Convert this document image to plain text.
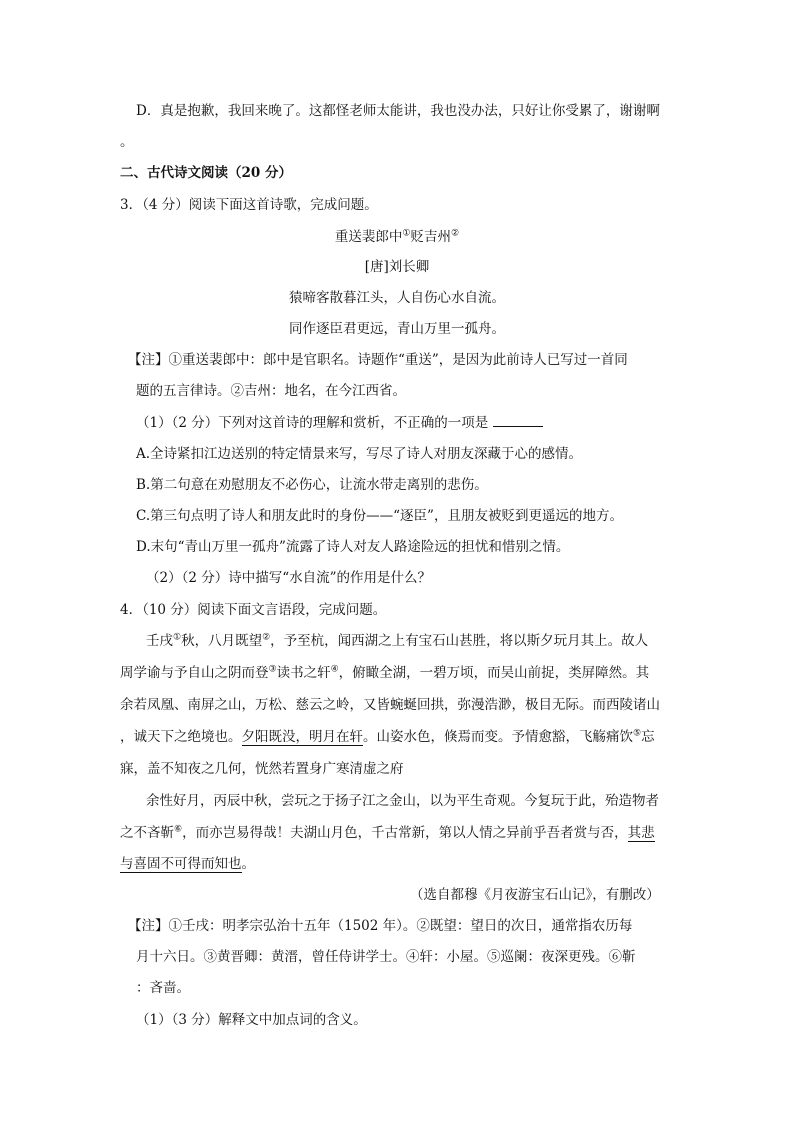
D．真是抱歉，我回来晚了。这都怪老师太能讲，我也没办法，只好让你受累了，谢谢啊
。
二、古代诗文阅读（20 分）
3．（4 分）阅读下面这首诗歌，完成问题。
重送裴郎中①贬吉州②
[唐]刘长卿
猿啼客散暮江头，人自伤心水自流。
同作逐臣君更远，青山万里一孤舟。
【注】①重送裴郎中：郎中是官职名。诗题作“重送”，是因为此前诗人已写过一首同
题的五言律诗。②吉州：地名，在今江西省。
（1）（2 分）下列对这首诗的理解和赏析，不正确的一项是
A.全诗紧扣江边送别的特定情景来写，写尽了诗人对朋友深藏于心的感情。
B.第二句意在劝慰朋友不必伤心，让流水带走离别的悲伤。
C.第三句点明了诗人和朋友此时的身份——“逐臣”，且朋友被贬到更遥远的地方。
D.末句“青山万里一孤舟”流露了诗人对友人路途险远的担忧和惜别之情。
（2）（2 分）诗中描写“水自流”的作用是什么？
4．（10 分）阅读下面文言语段，完成问题。
壬戌①秋，八月既望②，予至杭，闻西湖之上有宝石山甚胜，将以斯夕玩月其上。故人
周学谕与予自山之阴而登③读书之轩④，俯瞰全湖，一碧万顷，而吴山前捉，类屏障然。其
余若凤凰、南屏之山，万松、慈云之岭，又皆蜿蜒回拱，弥漫浩渺，极目无际。而西陵诸山
，诚天下之绝境也。夕阳既没，明月在轩。山姿水色，倏焉而变。予情愈豁，飞觞痛饮⑤忘
寐，盖不知夜之几何，恍然若置身广寒清虚之府
余性好月，丙辰中秋，尝玩之于扬子江之金山，以为平生奇观。今复玩于此，殆造物者
之不吝靳⑥，而亦岂易得哉！夫湖山月色，千古常新，第以人情之异前乎吾者赏与否，其悲
与喜固不可得而知也。
（选自都穆《月夜游宝石山记》，有删改）
【注】①壬戌：明孝宗弘治十五年（1502 年）。②既望：望日的次日，通常指农历每
月十六日。③黄晋卿：黄溍，曾任侍讲学士。④轩：小屋。⑤巡阑：夜深更残。⑥靳
：吝啬。
（1）（3 分）解释文中加点词的含义。
